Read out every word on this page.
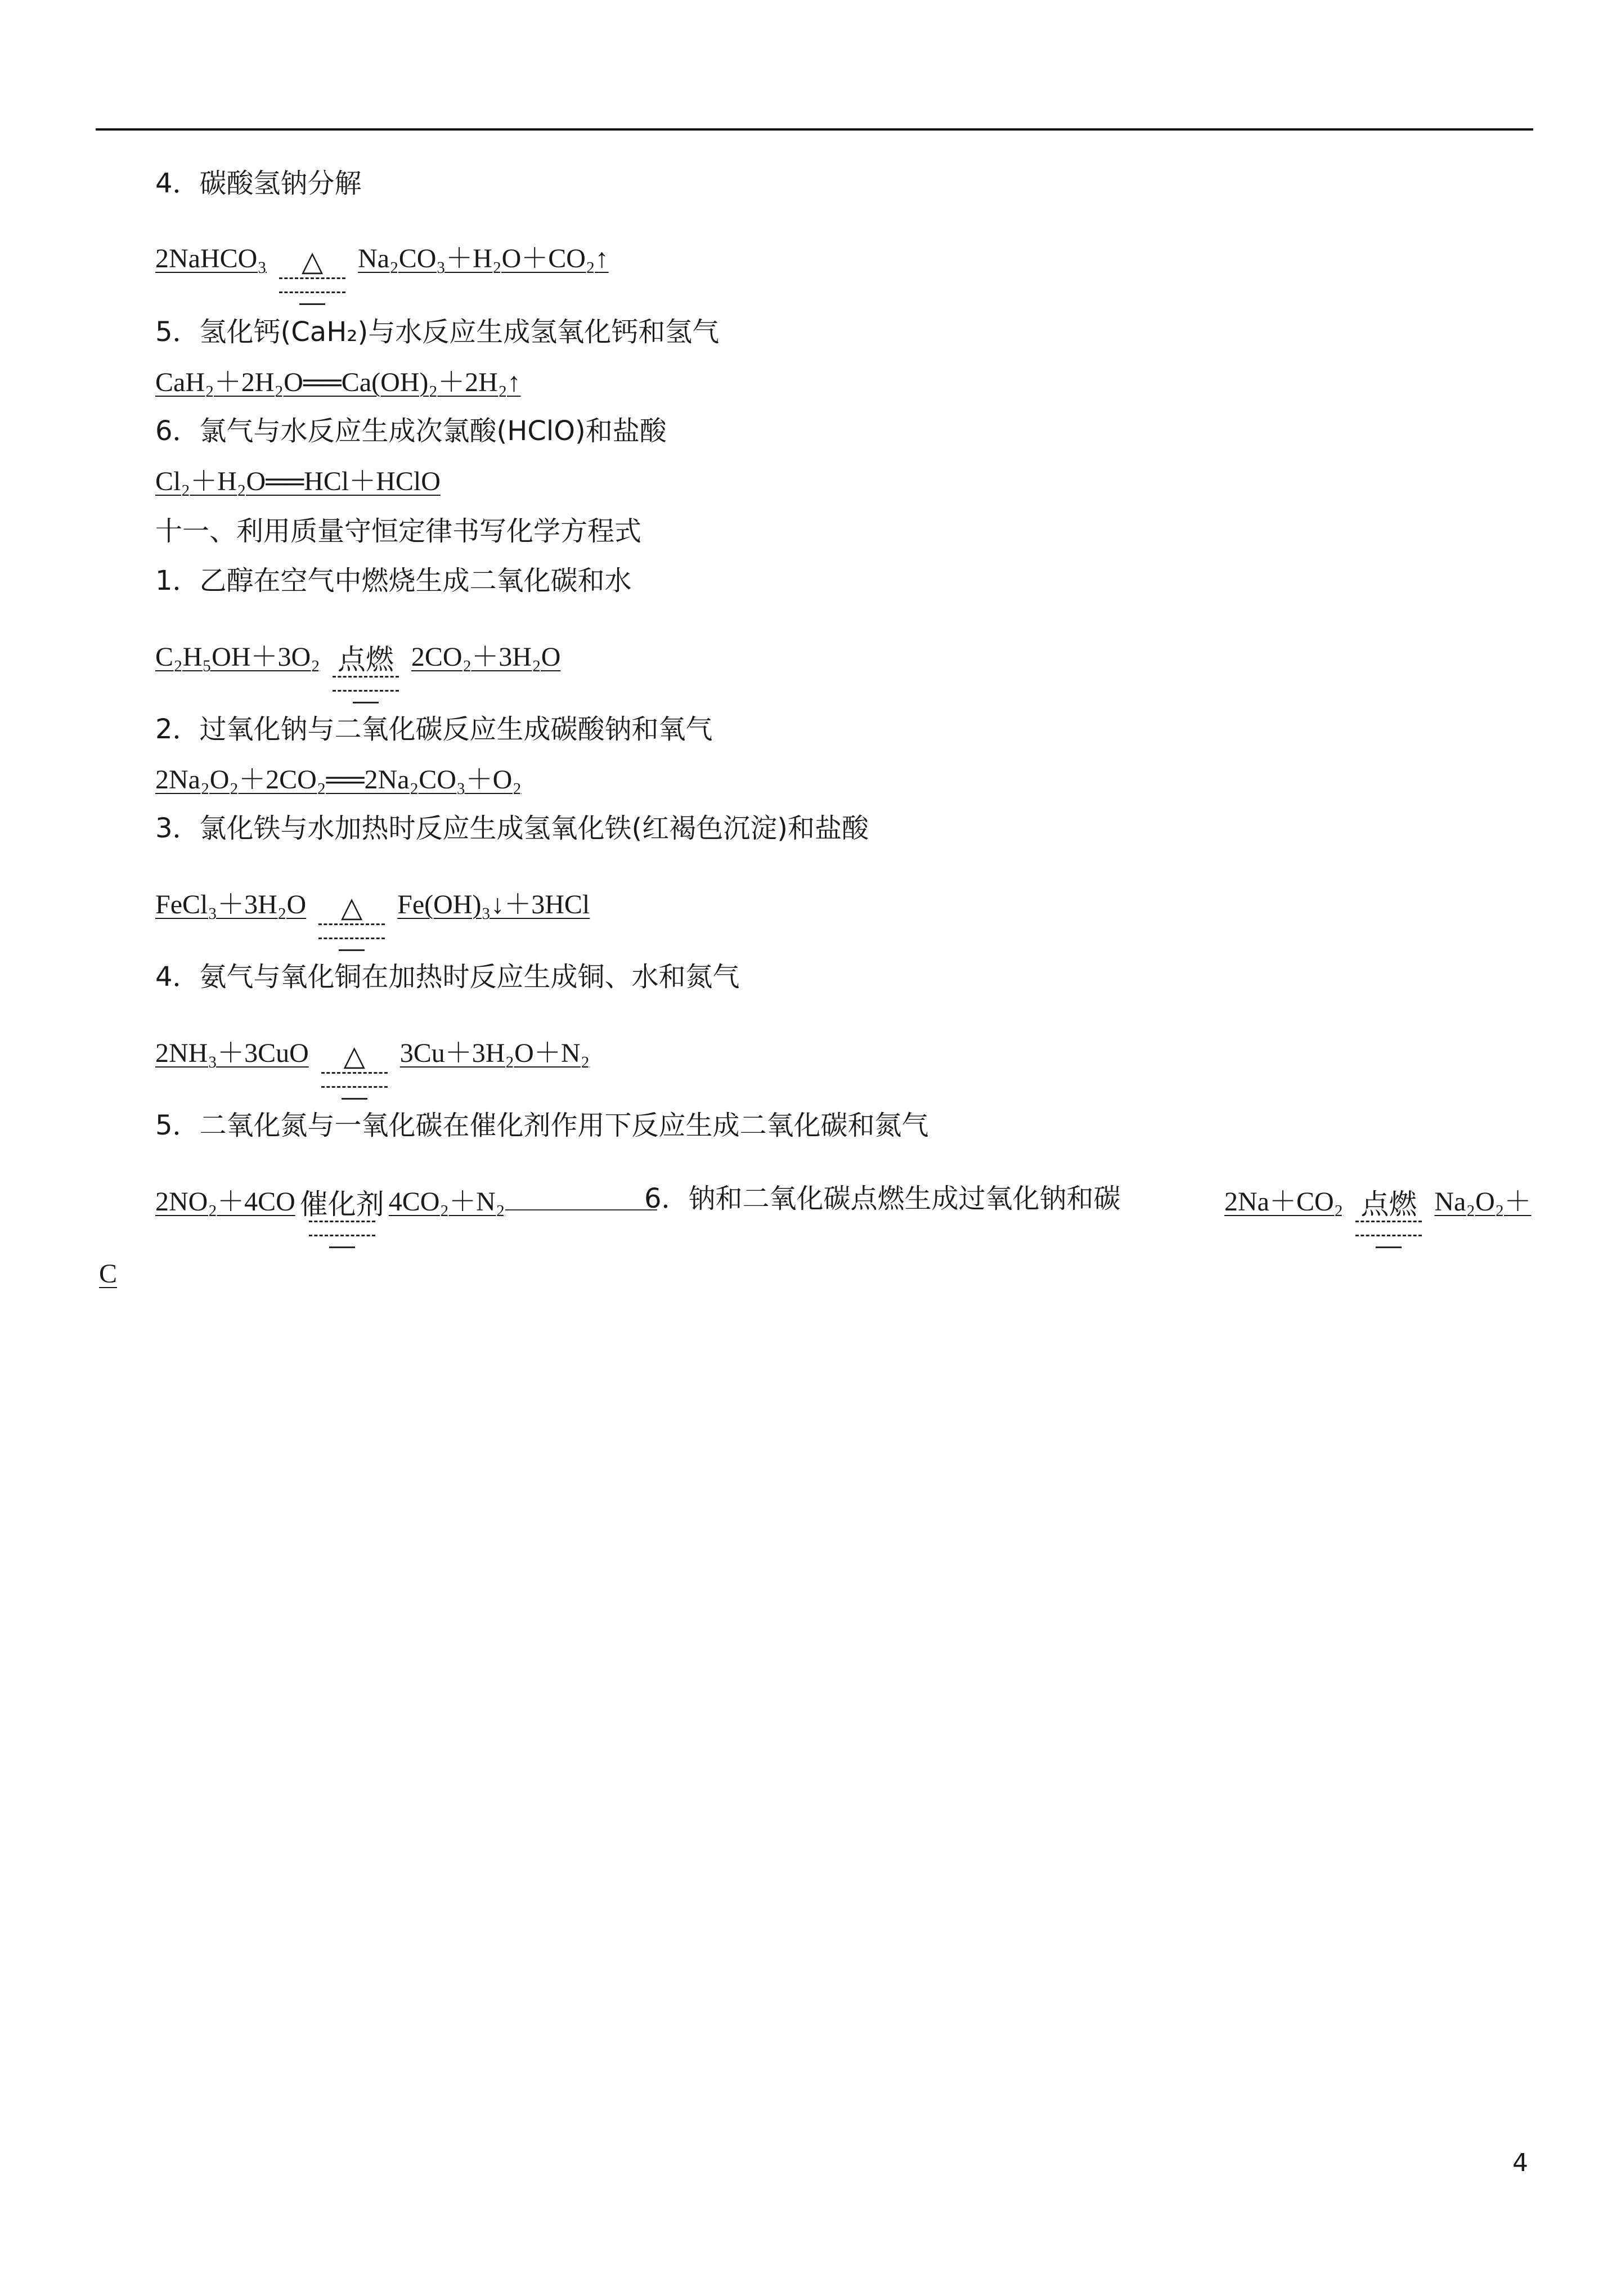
4．碳酸氢钠分解
2NaHCO₃ △ Na₂CO₃＋H₂O＋CO₂↑
5．氢化钙(CaH₂)与水反应生成氢氧化钙和氢气
CaH₂＋2H₂O══Ca(OH)₂＋2H₂↑
6．氯气与水反应生成次氯酸(HClO)和盐酸
Cl₂＋H₂O══HCl＋HClO
十一、利用质量守恒定律书写化学方程式
1．乙醇在空气中燃烧生成二氧化碳和水
C₂H₅OH＋3O₂ 点燃 2CO₂＋3H₂O
2．过氧化钠与二氧化碳反应生成碳酸钠和氧气
2Na₂O₂＋2CO₂══2Na₂CO₃＋O₂
3．氯化铁与水加热时反应生成氢氧化铁(红褐色沉淀)和盐酸
FeCl₃＋3H₂O △ Fe(OH)₃↓＋3HCl
4．氨气与氧化铜在加热时反应生成铜、水和氮气
2NH₃＋3CuO △ 3Cu＋3H₂O＋N₂
5．二氧化氮与一氧化碳在催化剂作用下反应生成二氧化碳和氮气
2NO₂＋4CO 催化剂 4CO₂＋N₂	6．钠和二氧化碳点燃生成过氧化钠和碳	2Na＋CO₂ 点燃 Na₂O₂＋
C
4
